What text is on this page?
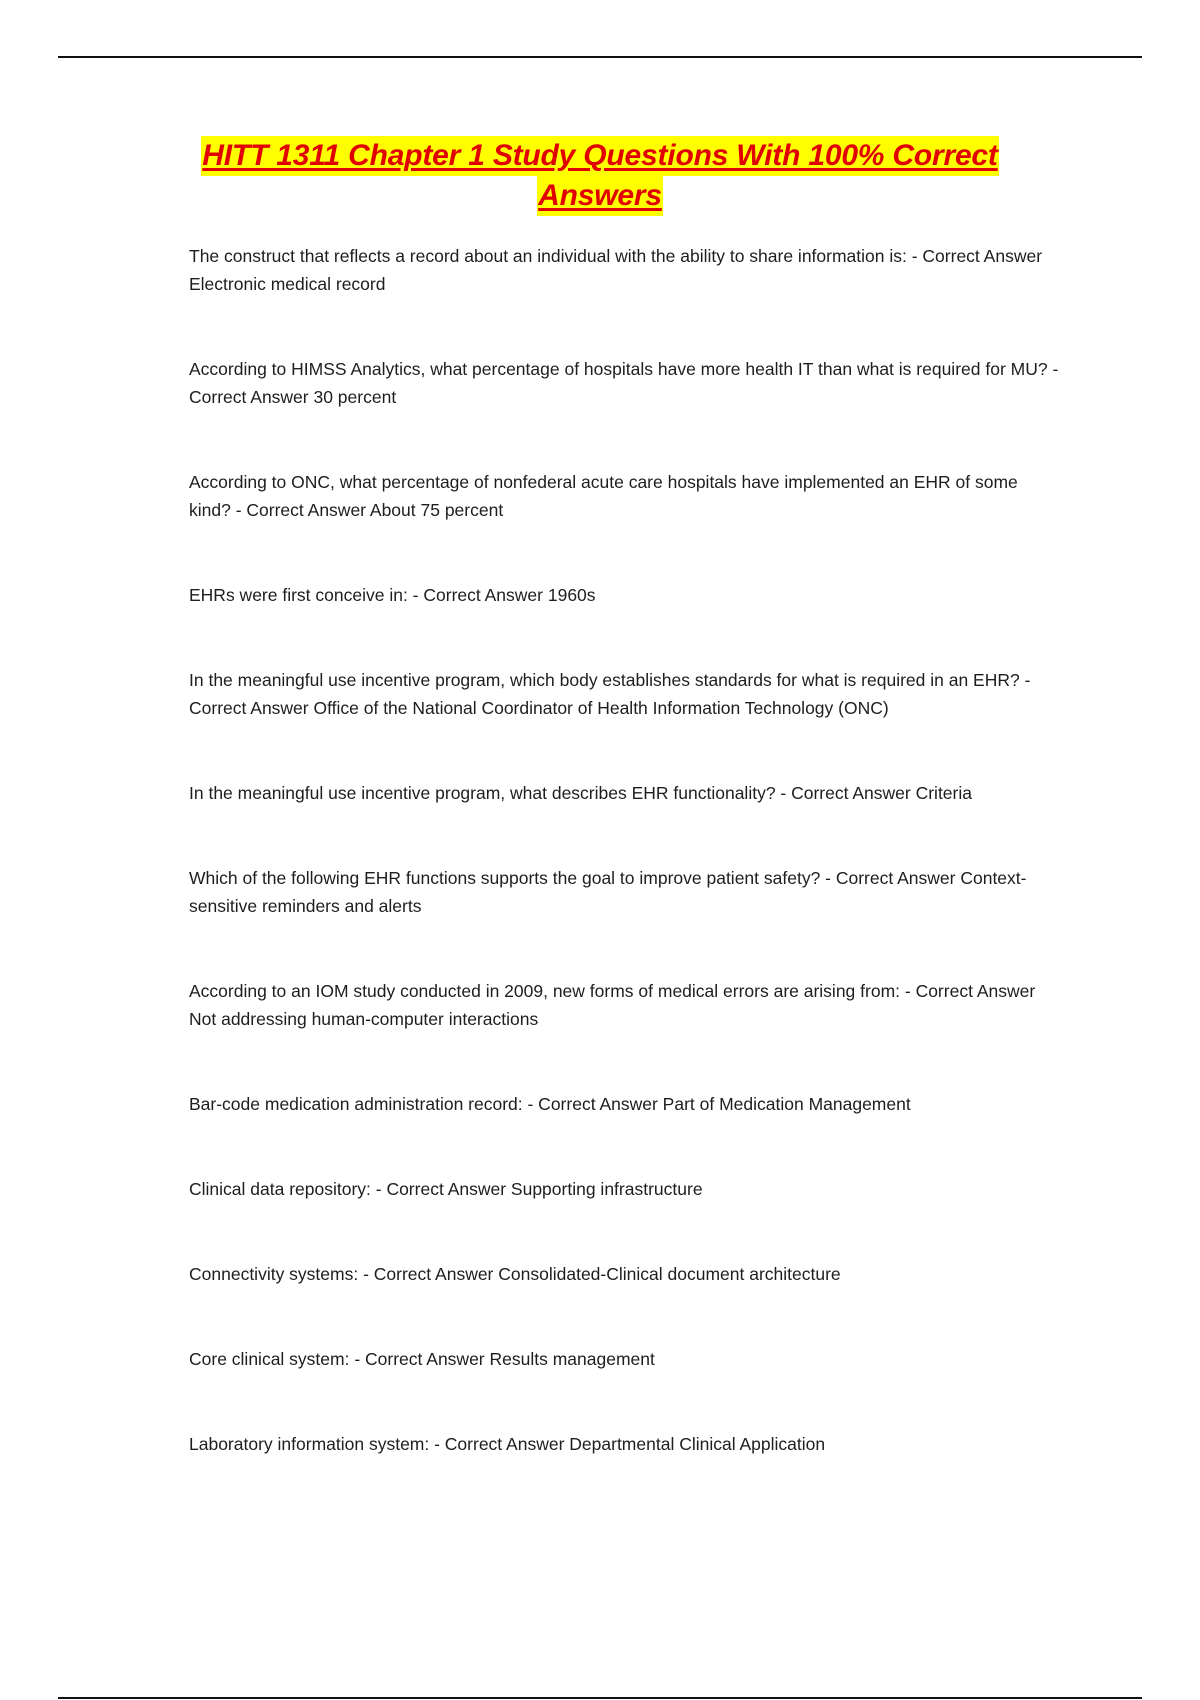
HITT 1311 Chapter 1 Study Questions With 100% Correct
Answers
The construct that reflects a record about an individual with the ability to share information is: - Correct Answer Electronic medical record
According to HIMSS Analytics, what percentage of hospitals have more health IT than what is required for MU? - Correct Answer 30 percent
According to ONC, what percentage of nonfederal acute care hospitals have implemented an EHR of some kind? - Correct Answer About 75 percent
EHRs were first conceive in: - Correct Answer 1960s
In the meaningful use incentive program, which body establishes standards for what is required in an EHR? - Correct Answer Office of the National Coordinator of Health Information Technology (ONC)
In the meaningful use incentive program, what describes EHR functionality? - Correct Answer Criteria
Which of the following EHR functions supports the goal to improve patient safety? - Correct Answer Context-sensitive reminders and alerts
According to an IOM study conducted in 2009, new forms of medical errors are arising from: - Correct Answer Not addressing human-computer interactions
Bar-code medication administration record: - Correct Answer Part of Medication Management
Clinical data repository: - Correct Answer Supporting infrastructure
Connectivity systems: - Correct Answer Consolidated-Clinical document architecture
Core clinical system: - Correct Answer Results management
Laboratory information system: - Correct Answer Departmental Clinical Application
